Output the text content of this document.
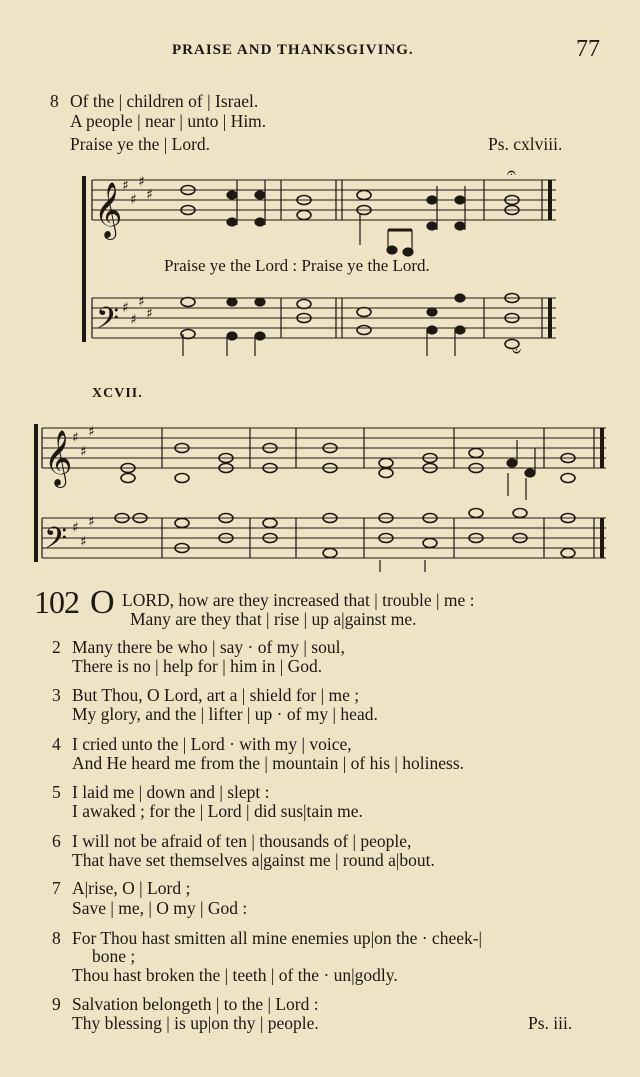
PRAISE AND THANKSGIVING.	77
8 Of the | children of | Israel.
A people | near | unto | Him.
Praise ye the | Lord.	Ps. cxlviii.
𝄞
𝄢
𝄞
𝄢
♯
♯
♯
♯
♯
♯
♯
♯
♯
♯
♯
♯
♯
♯
𝄐
𝄐
Praise ye the Lord : Praise ye the Lord.
XCVII.
102 O LORD, how are they increased that | trouble | me :
Many are they that | rise | up a|gainst me.
2 Many there be who | say · of my | soul,
There is no | help for | him in | God.
3 But Thou, O Lord, art a | shield for | me ;
My glory, and the | lifter | up · of my | head.
4 I cried unto the | Lord · with my | voice,
And He heard me from the | mountain | of his | holiness.
5 I laid me | down and | slept :
I awaked ; for the | Lord | did sus|tain me.
6 I will not be afraid of ten | thousands of | people,
That have set themselves a|gainst me | round a|bout.
7 A|rise, O | Lord ;
Save | me, | O my | God :
8 For Thou hast smitten all mine enemies up|on the · cheek-|
bone ;
Thou hast broken the | teeth | of the · un|godly.
9 Salvation belongeth | to the | Lord :
Thy blessing | is up|on thy | people.	Ps. iii.
